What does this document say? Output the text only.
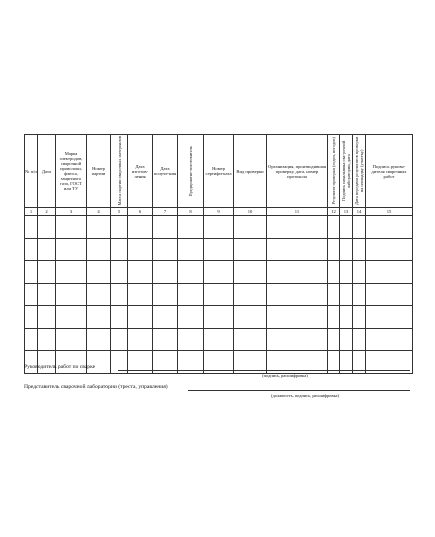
№ п/п	Дата	Марка электродов, сварочной проволоки, флюса, защитного газа, ГОСТ или ТУ	Номер партии	Масса партии сварочных материалов	Дата изготов-ления	Дата получе-ния	Предприятие-изготовитель	Номер сертифи-ката	Вид проверки	Организация, производившая проверку, дата, номер протокола	Результат проверки (годен, негоден)	Подпись начальника сва-рочной лаборатории, дата	Дата передачи результатов проверки на площадку (участку)	Подпись руково-дителя сварочных работ
1	2	3	4	5	6	7	8	9	10	11	12	13	14	15

Руководитель работ по сварке
(подпись, расшифровка)
Представитель сварочной лаборатории (треста, управления)
(должность, подпись, расшифровка)
